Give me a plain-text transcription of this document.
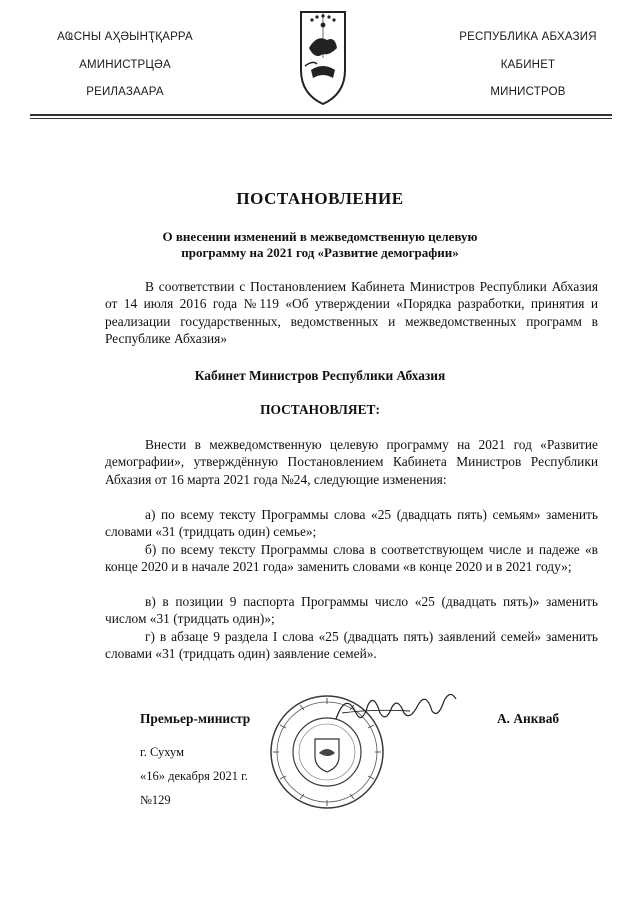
АҨСНЫ АҲӘЫНҬҚАРРА
АМИНИСТРЦӘА
РЕИЛАЗААРА
РЕСПУБЛИКА АБХАЗИЯ
КАБИНЕТ
МИНИСТРОВ
ПОСТАНОВЛЕНИЕ
О внесении изменений в межведомственную целевую
программу на 2021 год «Развитие демографии»

В соответствии с Постановлением Кабинета Министров Республики Абхазия от 14 июля 2016 года №119 «Об утверждении «Порядка разработки, принятия и реализации государственных, ведомственных и межведомственных программ в Республике Абхазия»

Кабинет Министров Республики Абхазия
ПОСТАНОВЛЯЕТ:

Внести в межведомственную целевую программу на 2021 год «Развитие демографии», утверждённую Постановлением Кабинета Министров Республики Абхазия от 16 марта 2021 года №24, следующие изменения:

а) по всему тексту Программы слова «25 (двадцать пять) семьям» заменить словами «31 (тридцать один) семье»;

б) по всему тексту Программы слова в соответствующем числе и падеже «в конце 2020 и в начале 2021 года» заменить словами «в конце 2020 и в 2021 году»;

в) в позиции 9 паспорта Программы число «25 (двадцать пять)» заменить числом «31 (тридцать один)»;

г) в абзаце 9 раздела I слова «25 (двадцать пять) заявлений семей» заменить словами «31 (тридцать один) заявление семей».

Премьер-министр	А. Анкваб
г. Сухум
«16» декабря 2021 г.
№129
